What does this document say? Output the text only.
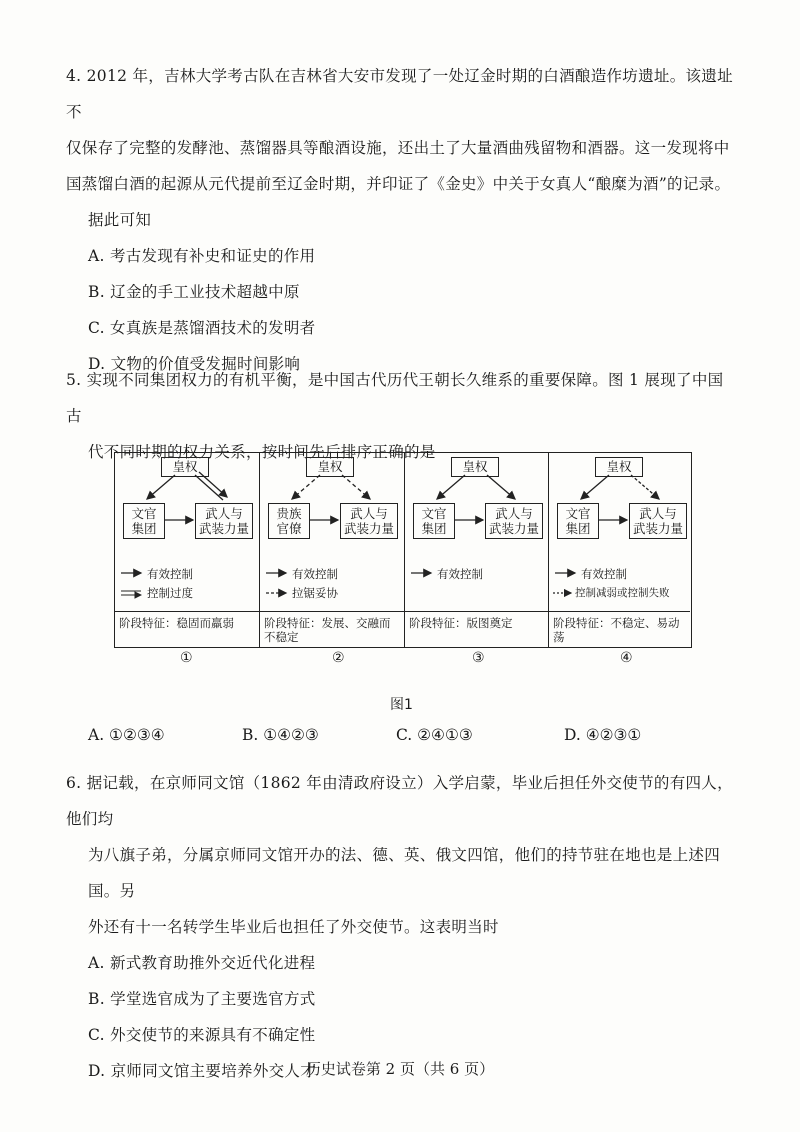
4. 2012 年，吉林大学考古队在吉林省大安市发现了一处辽金时期的白酒酿造作坊遗址。该遗址不

仅保存了完整的发酵池、蒸馏器具等酿酒设施，还出土了大量酒曲残留物和酒器。这一发现将中

国蒸馏白酒的起源从元代提前至辽金时期，并印证了《金史》中关于女真人“酿糜为酒”的记录。

据此可知

A. 考古发现有补史和证史的作用

B. 辽金的手工业技术超越中原

C. 女真族是蒸馏酒技术的发明者

D. 文物的价值受发掘时间影响

5. 实现不同集团权力的有机平衡，是中国古代历代王朝长久维系的重要保障。图 1 展现了中国古

代不同时期的权力关系，按时间先后排序正确的是

皇权
文官
集团
武人与
武装力量
有效控制
控制过度
阶段特征：稳固而羸弱
皇权
贵族
官僚
武人与
武装力量
有效控制
拉锯妥协
阶段特征：发展、交融而不稳定
皇权
文官
集团
武人与
武装力量
有效控制
阶段特征：版图奠定
皇权
文官
集团
武人与
武装力量
有效控制
控制减弱或控制失败
阶段特征：不稳定、易动荡
①	②	③	④
图1
A. ①②③④	B. ①④②③	C. ②④①③	D. ④②③①

6. 据记载，在京师同文馆（1862 年由清政府设立）入学启蒙，毕业后担任外交使节的有四人，他们均

为八旗子弟，分属京师同文馆开办的法、德、英、俄文四馆，他们的持节驻在地也是上述四国。另

外还有十一名转学生毕业后也担任了外交使节。这表明当时

A. 新式教育助推外交近代化进程

B. 学堂选官成为了主要选官方式

C. 外交使节的来源具有不确定性

D. 京师同文馆主要培养外交人才

历史试卷第 2 页（共 6 页）
